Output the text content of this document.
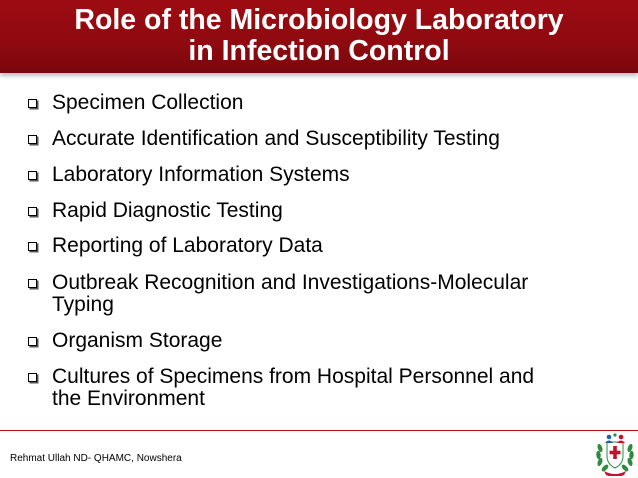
Role of the Microbiology Laboratory
in Infection Control
Specimen Collection
Accurate Identification and Susceptibility Testing
Laboratory Information Systems
Rapid Diagnostic Testing
Reporting of Laboratory Data
Outbreak Recognition and Investigations-Molecular
Typing
Organism Storage
Cultures of Specimens from Hospital Personnel and
the Environment
Rehmat Ullah ND- QHAMC, Nowshera
